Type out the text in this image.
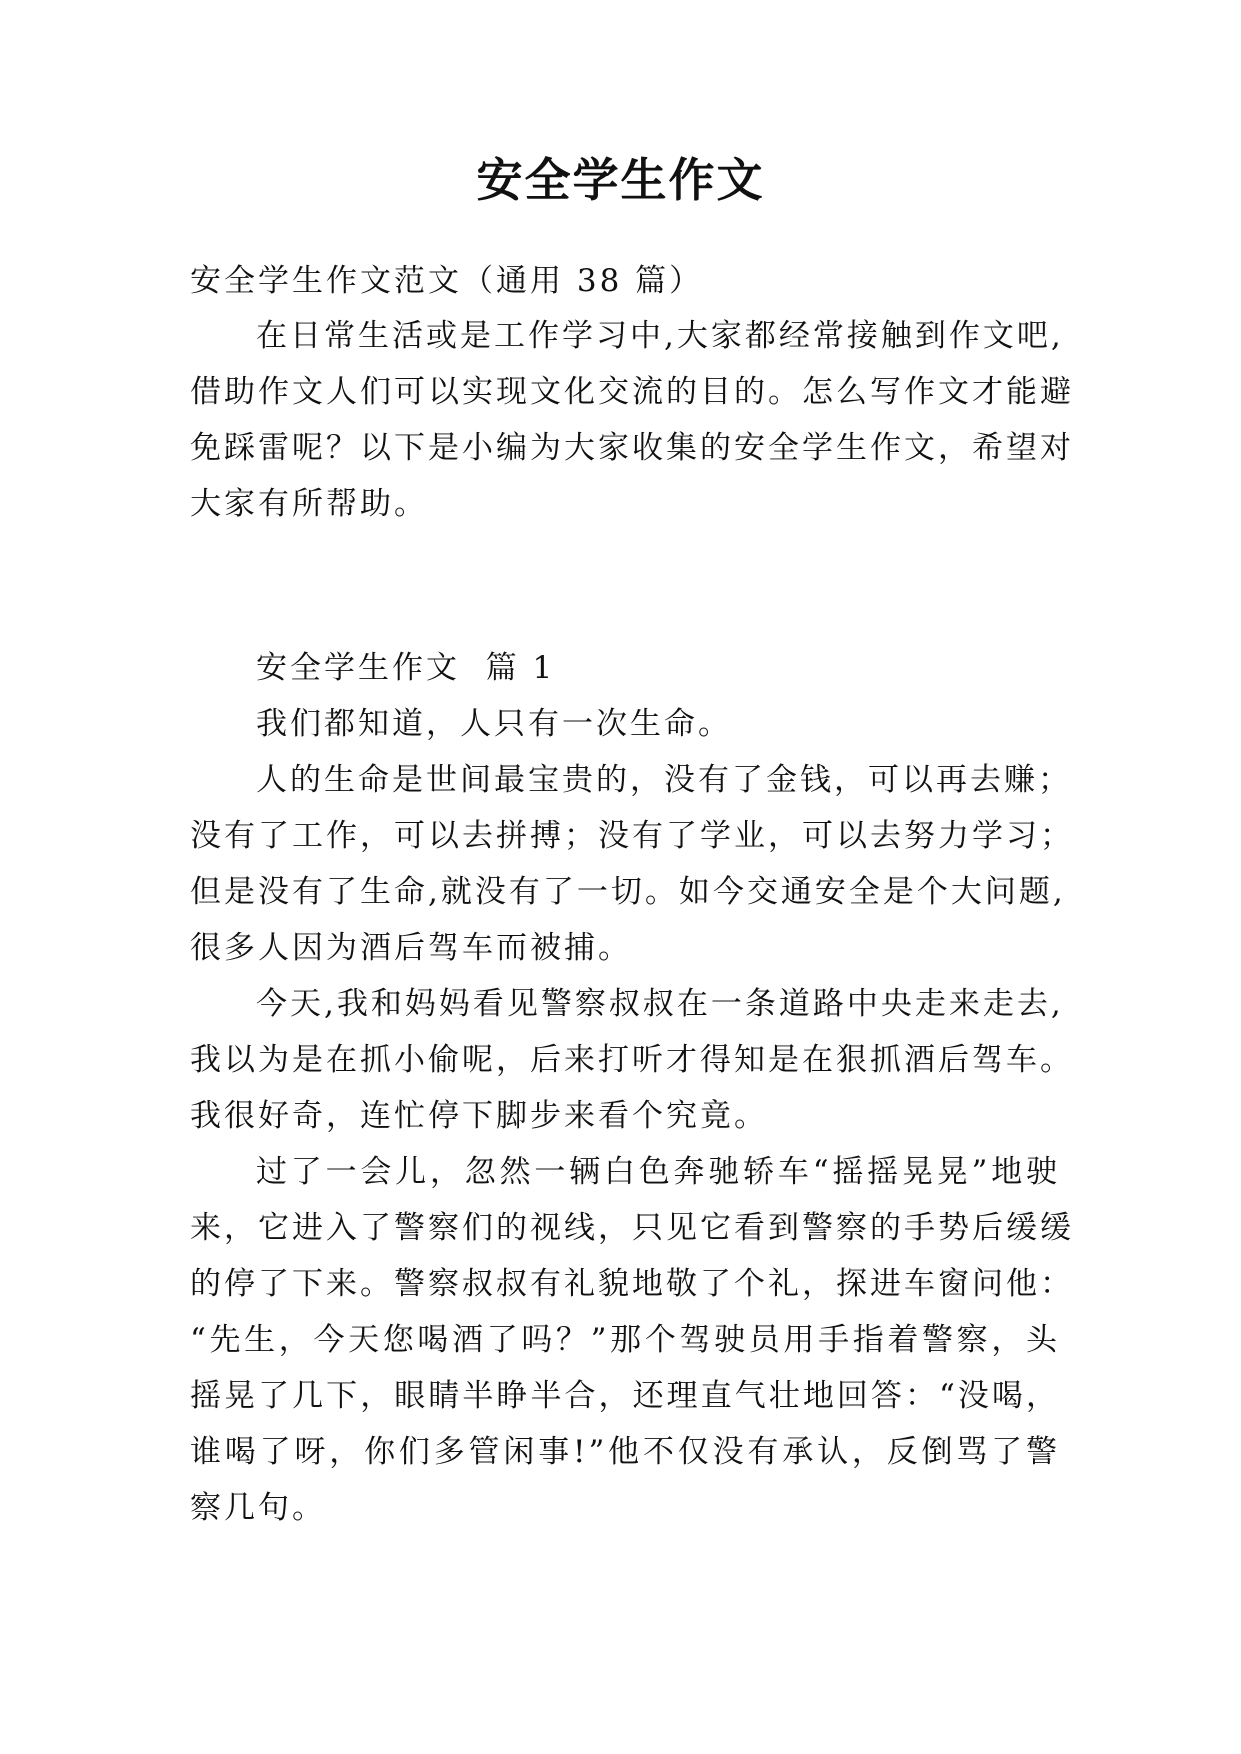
安全学生作文
安全学生作文范文（通用 38 篇）
在日常生活或是工作学习中,大家都经常接触到作文吧,
借助作文人们可以实现文化交流的目的。怎么写作文才能避
免踩雷呢？以下是小编为大家收集的安全学生作文，希望对
大家有所帮助。
安全学生作文  篇 1
我们都知道，人只有一次生命。
人的生命是世间最宝贵的，没有了金钱，可以再去赚；
没有了工作，可以去拼搏；没有了学业，可以去努力学习；
但是没有了生命,就没有了一切。如今交通安全是个大问题,
很多人因为酒后驾车而被捕。
今天,我和妈妈看见警察叔叔在一条道路中央走来走去,
我以为是在抓小偷呢，后来打听才得知是在狠抓酒后驾车。
我很好奇，连忙停下脚步来看个究竟。
过了一会儿，忽然一辆白色奔驰轿车“摇摇晃晃”地驶
来，它进入了警察们的视线，只见它看到警察的手势后缓缓
的停了下来。警察叔叔有礼貌地敬了个礼，探进车窗问他：
“先生，今天您喝酒了吗？”那个驾驶员用手指着警察，头
摇晃了几下，眼睛半睁半合，还理直气壮地回答：“没喝，
谁喝了呀，你们多管闲事!”他不仅没有承认，反倒骂了警
察几句。
